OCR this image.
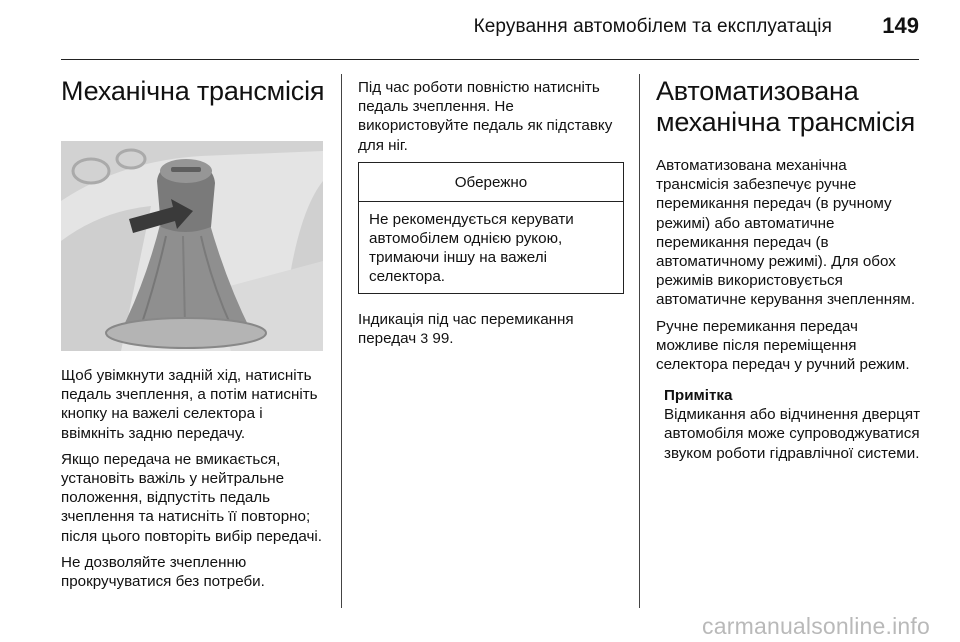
Керування автомобілем та експлуатація 149
Механічна трансмісія

Щоб увімкнути задній хід, натисніть педаль зчеплення, а потім натисніть кнопку на важелі селектора і ввімкніть задню передачу.

Якщо передача не вмикається, установіть важіль у нейтральне положення, відпустіть педаль зчеплення та натисніть її повторно; після цього повторіть вибір передачі.

Не дозволяйте зчепленню прокручуватися без потреби.

Під час роботи повністю натисніть педаль зчеплення. Не використовуйте педаль як підставку для ніг.

Обережно

Не рекомендується керувати автомобілем однією рукою, тримаючи іншу на важелі селектора.

Індикація під час перемикання передач 3 99.

Автоматизована
механічна трансмісія

Автоматизована механічна трансмісія забезпечує ручне перемикання передач (в ручному режимі) або автоматичне перемикання передач (в автоматичному режимі). Для обох режимів використовується автоматичне керування зчепленням.

Ручне перемикання передач можливе після переміщення селектора передач у ручний режим.

Примітка

Відмикання або відчинення дверцят автомобіля може супроводжуватися звуком роботи гідравлічної системи.

carmanualsonline.info
